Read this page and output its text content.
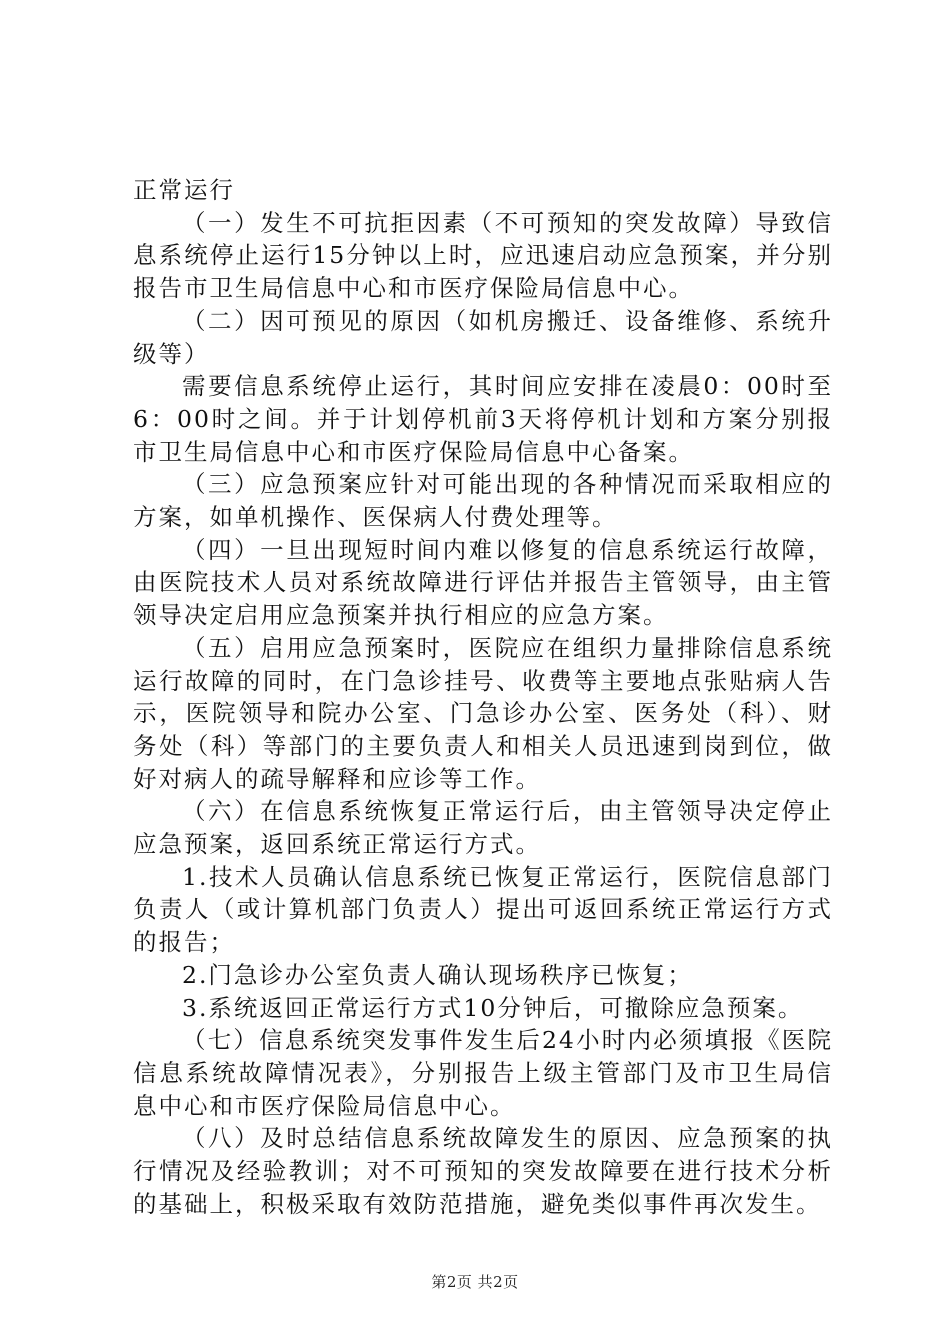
正常运行

（一）发生不可抗拒因素（不可预知的突发故障）导致信息系统停止运行15分钟以上时，应迅速启动应急预案，并分别报告市卫生局信息中心和市医疗保险局信息中心。

（二）因可预见的原因（如机房搬迁、设备维修、系统升级等）

需要信息系统停止运行，其时间应安排在凌晨0：00时至6：00时之间。并于计划停机前3天将停机计划和方案分别报市卫生局信息中心和市医疗保险局信息中心备案。

（三）应急预案应针对可能出现的各种情况而采取相应的方案，如单机操作、医保病人付费处理等。

（四）一旦出现短时间内难以修复的信息系统运行故障，由医院技术人员对系统故障进行评估并报告主管领导，由主管领导决定启用应急预案并执行相应的应急方案。

（五）启用应急预案时，医院应在组织力量排除信息系统运行故障的同时，在门急诊挂号、收费等主要地点张贴病人告示，医院领导和院办公室、门急诊办公室、医务处（科）、财务处（科）等部门的主要负责人和相关人员迅速到岗到位，做好对病人的疏导解释和应诊等工作。

（六）在信息系统恢复正常运行后，由主管领导决定停止应急预案，返回系统正常运行方式。

1.技术人员确认信息系统已恢复正常运行，医院信息部门负责人（或计算机部门负责人）提出可返回系统正常运行方式的报告；

2.门急诊办公室负责人确认现场秩序已恢复；

3.系统返回正常运行方式10分钟后，可撤除应急预案。

（七）信息系统突发事件发生后24小时内必须填报《医院信息系统故障情况表》，分别报告上级主管部门及市卫生局信息中心和市医疗保险局信息中心。

（八）及时总结信息系统故障发生的原因、应急预案的执行情况及经验教训；对不可预知的突发故障要在进行技术分析的基础上，积极采取有效防范措施，避免类似事件再次发生。

第2页 共2页
